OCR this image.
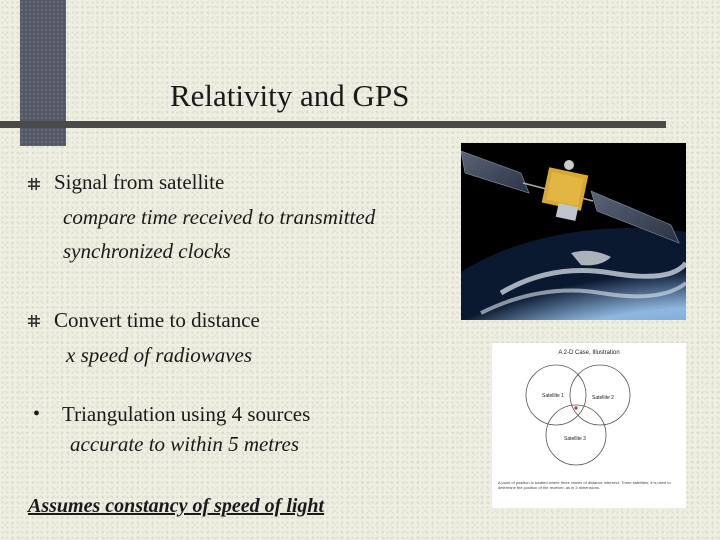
Relativity and GPS
Signal from satellite
compare time received to transmitted
synchronized clocks
Convert time to distance
x speed of radiowaves
• Triangulation using 4 sources
accurate to within 5 metres
Assumes constancy of speed of light
A 2-D Case, Illustration
Satellite 1	Satellite 2
Satellite 3
A point of position is located where three circles of distance intersect. Three satellites, it is used to determine the position of the receiver, as in 3 dimensions.
